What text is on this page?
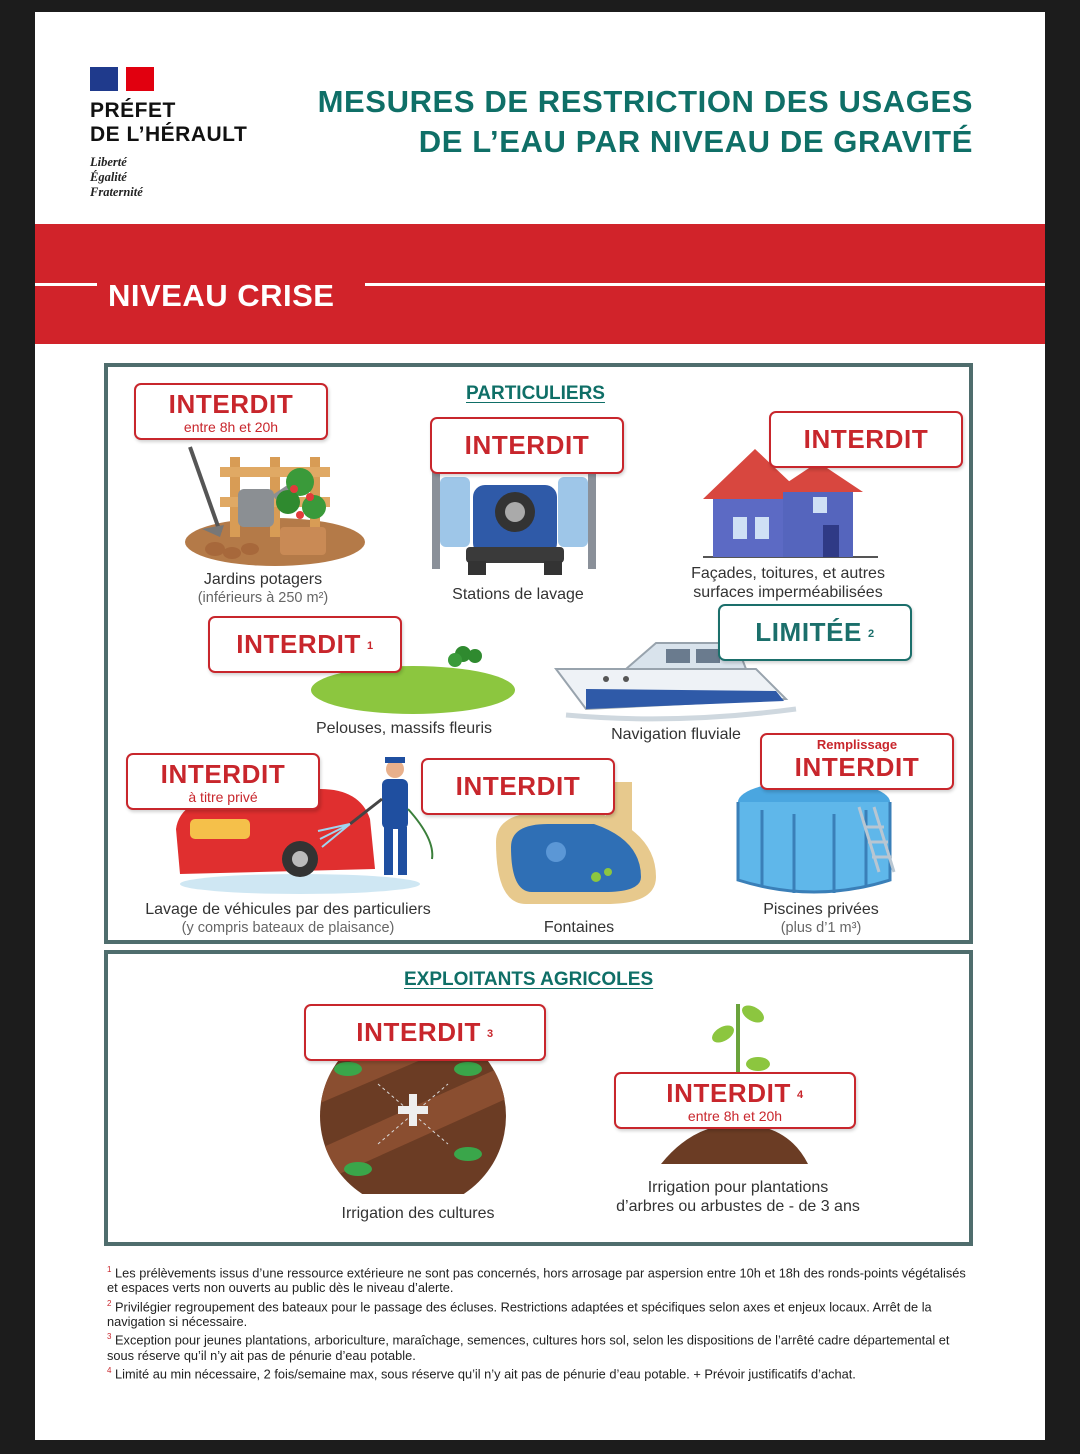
PRÉFET
DE L’HÉRAULT
Liberté
Égalité
Fraternité
MESURES DE RESTRICTION DES USAGES
DE L’EAU PAR NIVEAU DE GRAVITÉ
NIVEAU CRISE
PARTICULIERS
INTERDIT
entre 8h et 20h
Jardins potagers
(inférieurs à 250 m²)
INTERDIT
Stations de lavage
INTERDIT
Façades, toitures, et autres
surfaces imperméabilisées
INTERDIT $^1$
Pelouses, massifs fleuris
LIMITÉE $^2$
Navigation fluviale
INTERDIT
à titre privé
Lavage de véhicules par des particuliers
(y compris bateaux de plaisance)
INTERDIT
Fontaines
Remplissage
INTERDIT
Piscines privées
(plus d’1 m³)
EXPLOITANTS AGRICOLES
INTERDIT $^3$
Irrigation des cultures
INTERDIT $^4$
entre 8h et 20h
Irrigation pour plantations
d’arbres ou arbustes de - de 3 ans

$^1$ Les prélèvements issus d’une ressource extérieure ne sont pas concernés, hors arrosage par aspersion entre 10h et 18h des ronds-points végétalisés et espaces verts non ouverts au public dès le niveau d’alerte.

$^2$ Privilégier regroupement des bateaux pour le passage des écluses. Restrictions adaptées et spécifiques selon axes et enjeux locaux. Arrêt de la navigation si nécessaire.

$^3$ Exception pour jeunes plantations, arboriculture, maraîchage, semences, cultures hors sol, selon les dispositions de l’arrêté cadre départemental et sous réserve qu’il n’y ait pas de pénurie d’eau potable.

$^4$ Limité au min nécessaire, 2 fois/semaine max, sous réserve qu’il n’y ait pas de pénurie d’eau potable. + Prévoir justificatifs d’achat.
